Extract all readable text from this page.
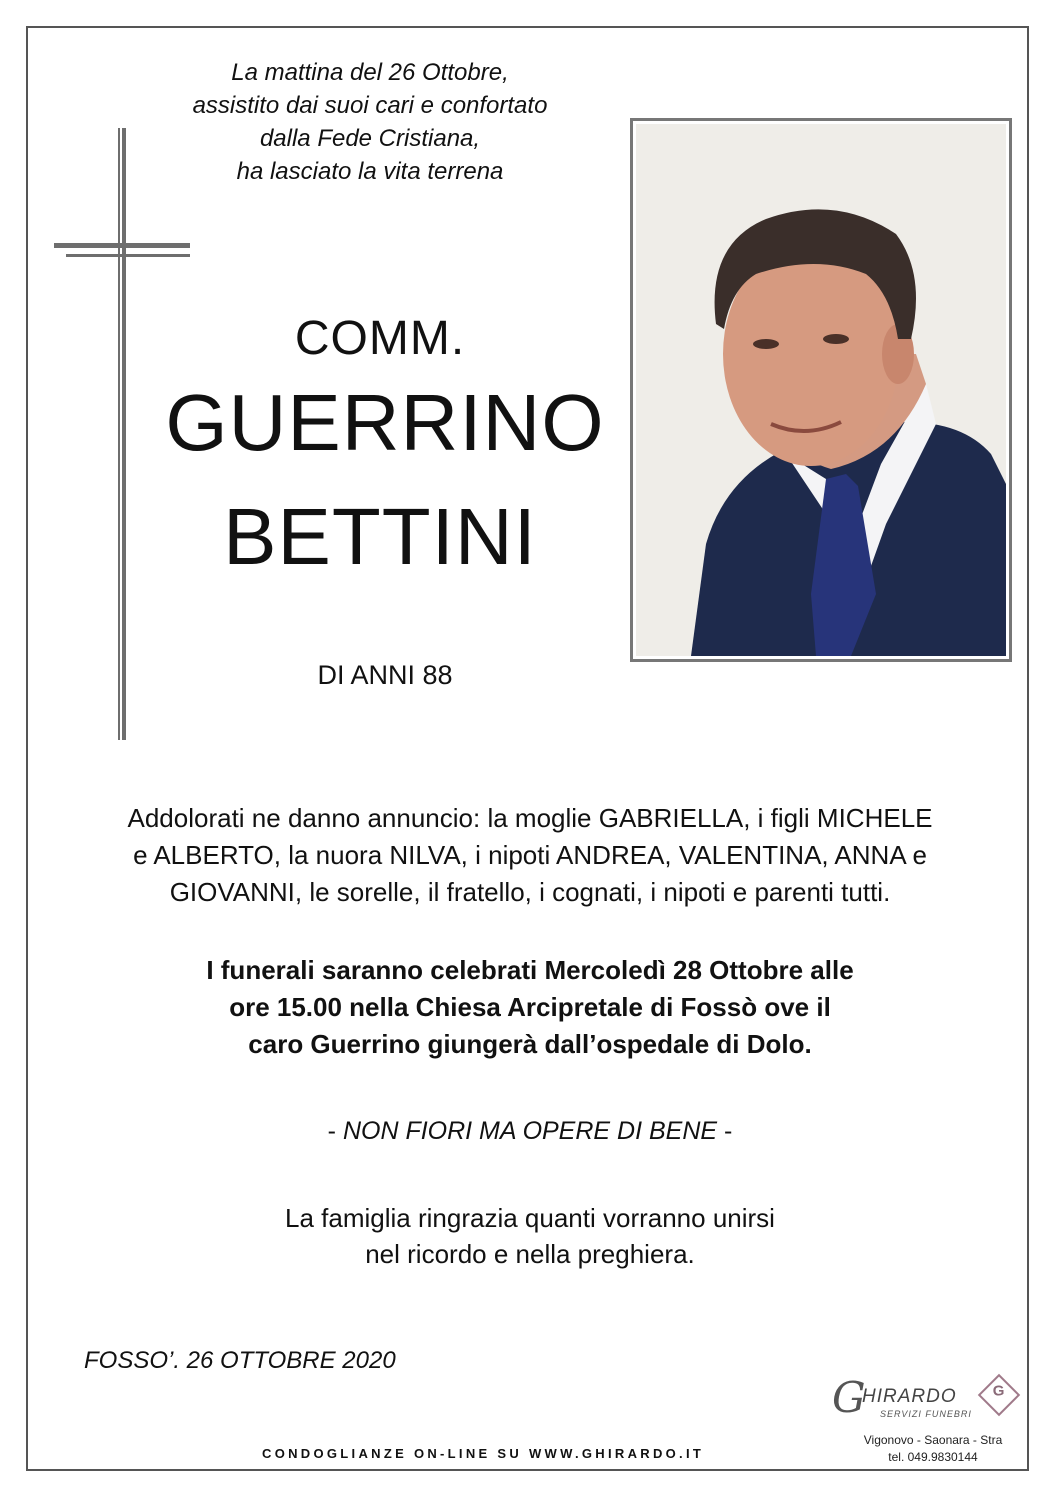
La mattina del 26 Ottobre,
assistito dai suoi cari e confortato
dalla Fede Cristiana,
ha lasciato la vita terrena
COMM.
GUERRINO
BETTINI
DI ANNI 88
Addolorati ne danno annuncio: la moglie GABRIELLA, i figli MICHELE
e ALBERTO, la nuora NILVA, i nipoti ANDREA, VALENTINA, ANNA e
GIOVANNI, le sorelle, il fratello, i cognati, i nipoti e parenti tutti.
I funerali saranno celebrati Mercoledì 28 Ottobre alle
ore 15.00 nella Chiesa Arcipretale di Fossò ove il
caro Guerrino giungerà dall’ospedale di Dolo.
- NON FIORI MA OPERE DI BENE -
La famiglia ringrazia quanti vorranno unirsi
nel ricordo e nella preghiera.
FOSSO’. 26 OTTOBRE 2020
CONDOGLIANZE ON-LINE SU WWW.GHIRARDO.IT
G
HIRARDO
SERVIZI FUNEBRI
G
Vigonovo - Saonara - Stra
tel. 049.9830144
